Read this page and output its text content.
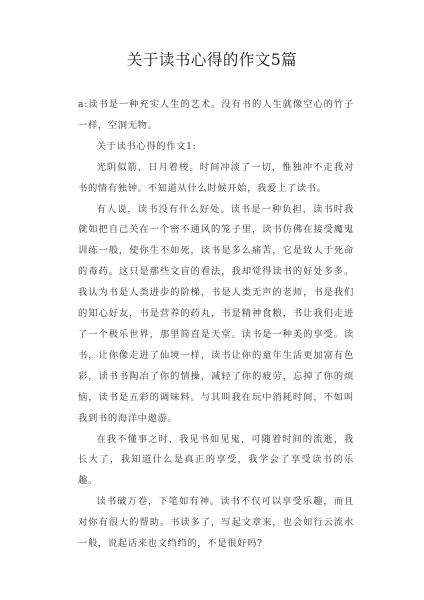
关于读书心得的作文5篇

a:读书是一种充实人生的艺术。没有书的人生就像空心的竹子一样，空洞无物。

关于读书心得的作文1:

光阴似箭，日月着梭。时间冲淡了一切，惟独冲不走我对书的情有独钟。不知道从什么时候开始，我爱上了读书。

有人说，读书没有什么好处。读书是一种负担，读书时我就如把自己关在一个密不通风的笼子里，读书仿佛在接受魔鬼训练一般，使你生不如死，读书是多么痛苦，它是致人于死命的毒药。这只是那些文盲的看法，我却觉得读书的好处多多。我认为书是人类进步的阶梯，书是人类无声的老师，书是我们的知心好友，书是营养的药丸，书是精神食粮，书让我们走进了一个极乐世界，那里简直是天堂。读书是一种美的享受。读书，让你像走进了仙境一样，读书让你的童年生活更加富有色彩，读书书陶冶了你的情操，减轻了你的疲劳，忘掉了你的烦恼，读书是五彩的调味料。与其叫我在玩中消耗时间，不如叫我到书的海洋中遨游。

在我不懂事之时，我见书如见鬼，可随着时间的流逝，我长大了，我知道什么是真正的享受，我学会了享受读书的乐趣。

读书破万卷，下笔如有神。读书不仅可以享受乐趣，而且对你有很大的帮助。书读多了，写起文章来，也会如行云流水一般，说起话来也文绉绉的，不是很好吗?
